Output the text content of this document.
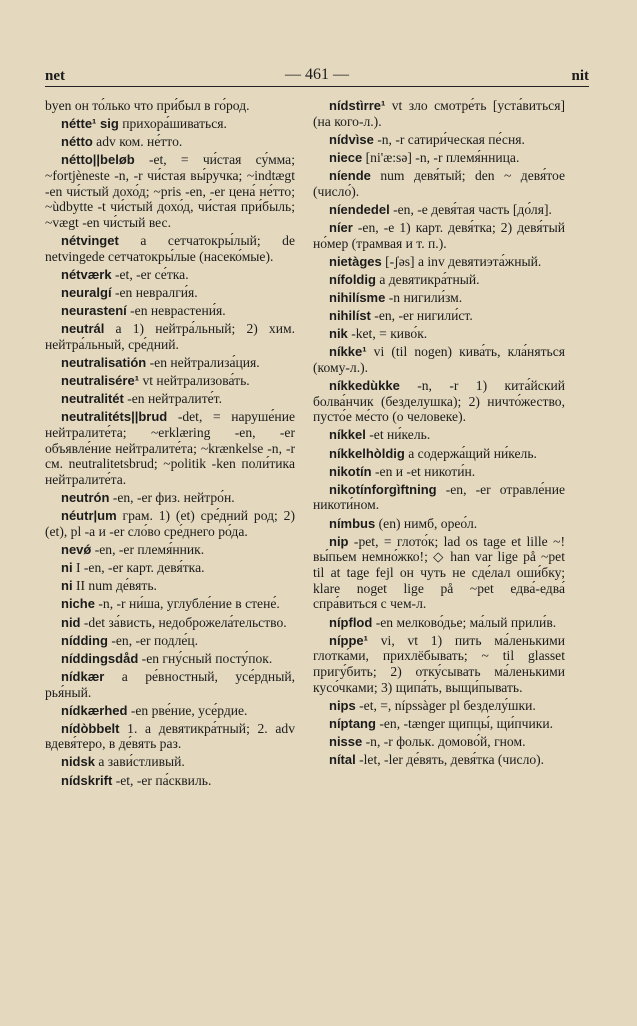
net	— 461 —	nit

byen он то́лько что при́был в го́род.

nétte¹ sig прихора́шиваться.

nétto adv ком. не́тто.

nétto||beløb -et, = чи́стая су́мма; ~fortjèneste -n, -r чи́стая вы́ручка; ~indtægt -en чи́стый дохо́д; ~pris -en, -er цена́ не́тто; ~ùdbytte -t чи́стый дохо́д, чи́стая при́быль; ~vægt -en чи́стый вес.

nétvinget a сетчатокры́лый; de netvingede сетчатокры́лые (насеко́мые).

nétværk -et, -er се́тка.

neuralgí -en невралги́я.

neurastení -en неврастени́я.

neutrál a 1) нейтра́льный; 2) хим. нейтра́льный, сре́дний.

neutralisatión -en нейтрализа́ция.

neutralisére¹ vt нейтрализова́ть.

neutralitét -en нейтралите́т.

neutralitéts||brud -det, = наруше́ние нейтралите́та; ~erklæring -en, -er объявле́ние нейтралите́та; ~krænkelse -n, -r см. neutralitetsbrud; ~politik -ken поли́тика нейтралите́та.

neutrón -en, -er физ. нейтро́н.

néutr|um грам. 1) (et) сре́дний род; 2) (et), pl -a и -er сло́во сре́днего ро́да.

nevǿ -en, -er племя́нник.

ni I -en, -er карт. девя́тка.

ni II num де́вять.

niche -n, -r ни́ша, углубле́ние в стене́.

nid -det за́висть, недоброжела́тельство.

nídding -en, -er подле́ц.

níddingsdåd -en гну́сный посту́пок.

nídkær a ре́вностный, усе́рдный, рья́ный.

nídkærhed -en рве́ние, усе́рдие.

nídòbbelt 1. a девятикра́тный; 2. adv вдевя́теро, в де́вять раз.

nidsk a зави́стливый.

nídskrift -et, -er па́сквиль.

nídstìrre¹ vt зло смотре́ть [уста́виться] (на кого-л.).

nídvìse -n, -r сатири́ческая пе́сня.

niece [ni'æ:sə] -n, -r племя́нница.

níende num девя́тый; den ~ девя́тое (число́).

níendedel -en, -e девя́тая часть [до́ля].

níer -en, -e 1) карт. девя́тка; 2) девя́тый но́мер (трамвая и т. п.).

nietàges [-ʃəs] a inv девятиэта́жный.

nífoldig a девятикра́тный.

nihilísme -n нигили́зм.

nihilíst -en, -er нигили́ст.

nik -ket, = киво́к.

níkke¹ vi (til nogen) кива́ть, кла́няться (кому-л.).

níkkedùkke -n, -r 1) кита́йский болва́нчик (безделушка); 2) ничто́жество, пусто́е ме́сто (о человеке).

níkkel -et ни́кель.

níkkelhòldig a содержа́щий ни́кель.

nikotín -en и -et никоти́н.

nikotínforgìftning -en, -er отравле́ние никоти́ном.

nímbus (en) нимб, орео́л.

nip -pet, = глото́к; lad os tage et lille ~! вы́пьем немно́жко!; ◇ han var lige på ~pet til at tage fejl он чуть не сде́лал оши́бку; klare noget lige på ~pet едва́-едва́ спра́виться с чем-л.

nípflod -en мелково́дье; ма́лый прили́в.

níppe¹ vi, vt 1) пить ма́ленькими глотка́ми, прихлёбывать; ~ til glasset пригу́бить; 2) отку́сывать ма́ленькими кусо́чками; 3) щипа́ть, выщи́пывать.

nips -et, =, nípssàger pl безделу́шки.

níptang -en, -tænger щипцы́, щи́пчики.

nisse -n, -r фольк. домово́й, гном.

nítal -let, -ler де́вять, девя́тка (число).
